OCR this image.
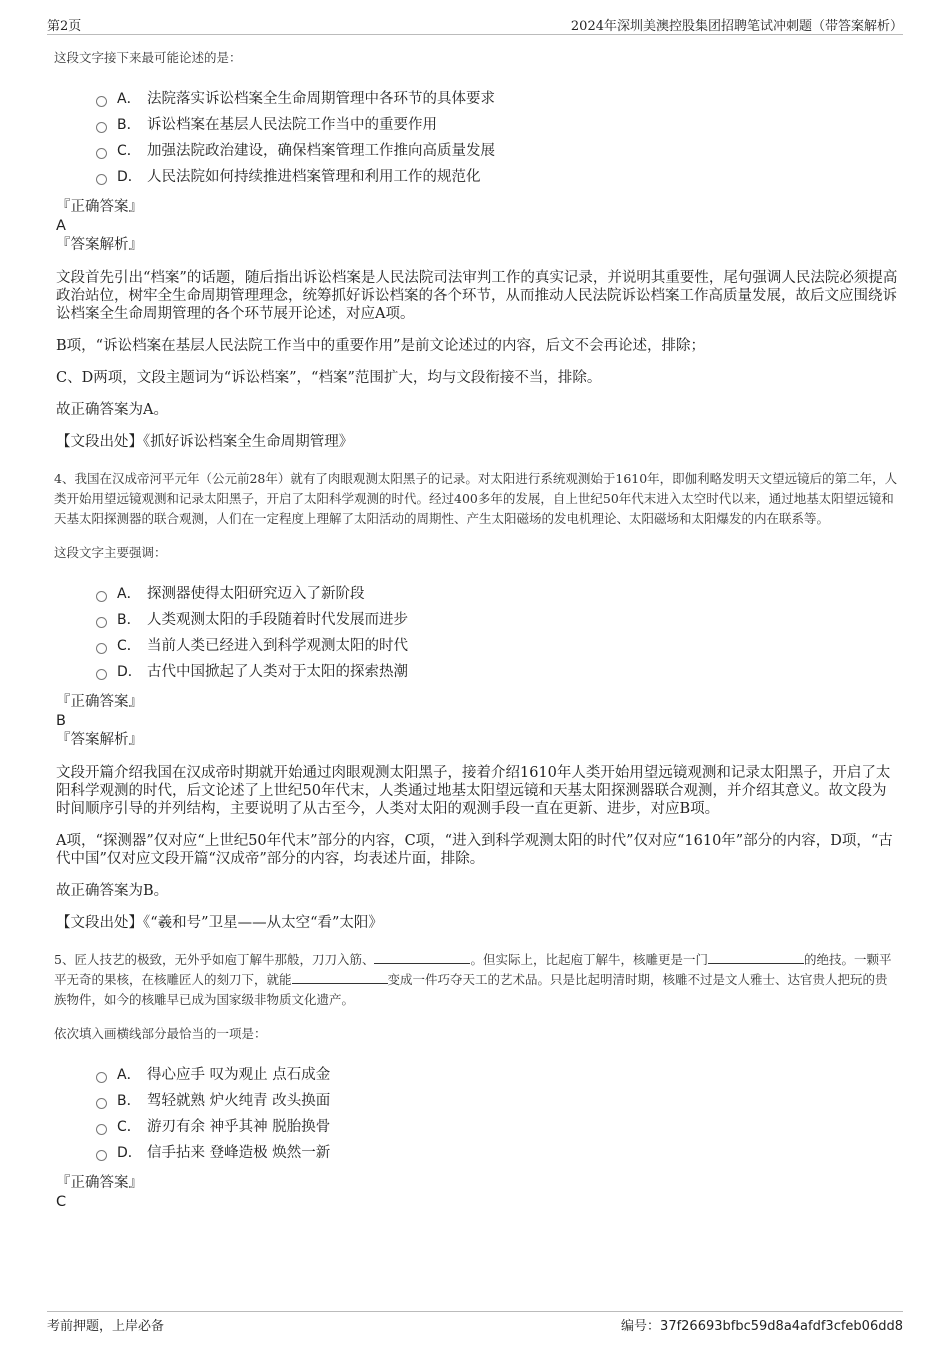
第2页	2024年深圳美澳控股集团招聘笔试冲刺题（带答案解析）

这段文字接下来最可能论述的是：

A． 法院落实诉讼档案全生命周期管理中各环节的具体要求
B． 诉讼档案在基层人民法院工作当中的重要作用
C． 加强法院政治建设，确保档案管理工作推向高质量发展
D． 人民法院如何持续推进档案管理和利用工作的规范化

『正确答案』

A

『答案解析』

文段首先引出“档案”的话题，随后指出诉讼档案是人民法院司法审判工作的真实记录，并说明其重要性，尾句强调人民法院必须提高政治站位，树牢全生命周期管理理念，统筹抓好诉讼档案的各个环节，从而推动人民法院诉讼档案工作高质量发展，故后文应围绕诉讼档案全生命周期管理的各个环节展开论述，对应A项。

B项，“诉讼档案在基层人民法院工作当中的重要作用”是前文论述过的内容，后文不会再论述，排除；

C、D两项，文段主题词为“诉讼档案”，“档案”范围扩大，均与文段衔接不当，排除。

故正确答案为A。

【文段出处】《抓好诉讼档案全生命周期管理》

4、我国在汉成帝河平元年（公元前28年）就有了肉眼观测太阳黑子的记录。对太阳进行系统观测始于1610年，即伽利略发明天文望远镜后的第二年，人类开始用望远镜观测和记录太阳黑子，开启了太阳科学观测的时代。经过400多年的发展，自上世纪50年代末进入太空时代以来，通过地基太阳望远镜和天基太阳探测器的联合观测，人们在一定程度上理解了太阳活动的周期性、产生太阳磁场的发电机理论、太阳磁场和太阳爆发的内在联系等。

这段文字主要强调：

A． 探测器使得太阳研究迈入了新阶段
B． 人类观测太阳的手段随着时代发展而进步
C． 当前人类已经进入到科学观测太阳的时代
D． 古代中国掀起了人类对于太阳的探索热潮

『正确答案』

B

『答案解析』

文段开篇介绍我国在汉成帝时期就开始通过肉眼观测太阳黑子，接着介绍1610年人类开始用望远镜观测和记录太阳黑子，开启了太阳科学观测的时代，后文论述了上世纪50年代末，人类通过地基太阳望远镜和天基太阳探测器联合观测，并介绍其意义。故文段为时间顺序引导的并列结构，主要说明了从古至今，人类对太阳的观测手段一直在更新、进步，对应B项。

A项，“探测器”仅对应“上世纪50年代末”部分的内容，C项，“进入到科学观测太阳的时代”仅对应“1610年”部分的内容，D项，“古代中国”仅对应文段开篇“汉成帝”部分的内容，均表述片面，排除。

故正确答案为B。

【文段出处】《“羲和号”卫星——从太空“看”太阳》

5、匠人技艺的极致，无外乎如庖丁解牛那般，刀刀入筋、	。但实际上，比起庖丁解牛，核雕更是一门	的绝技。一颗平平无奇的果核，在核雕匠人的刻刀下，就能	变成一件巧夺天工的艺术品。只是比起明清时期，核雕不过是文人雅士、达官贵人把玩的贵族物件，如今的核雕早已成为国家级非物质文化遗产。

依次填入画横线部分最恰当的一项是：

A． 得心应手 叹为观止 点石成金
B． 驾轻就熟 炉火纯青 改头换面
C． 游刃有余 神乎其神 脱胎换骨
D． 信手拈来 登峰造极 焕然一新

『正确答案』

C

考前押题，上岸必备	编号：37f26693bfbc59d8a4afdf3cfeb06dd8
